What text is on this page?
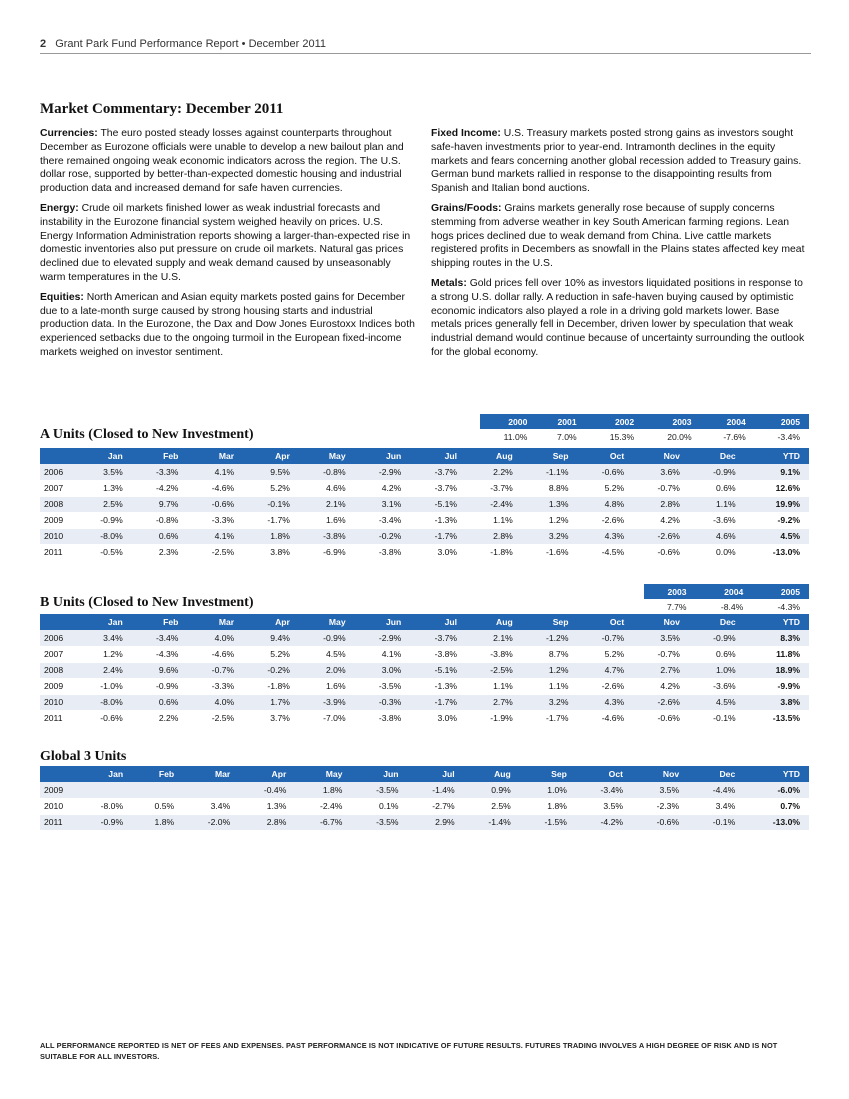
2 Grant Park Fund Performance Report • December 2011
Market Commentary: December 2011

Currencies: The euro posted steady losses against counterparts throughout December as Eurozone officials were unable to develop a new bailout plan and there remained ongoing weak economic indicators across the region. The U.S. dollar rose, supported by better-than-expected domestic housing and industrial production data and increased demand for safe haven currencies.

Energy: Crude oil markets finished lower as weak industrial forecasts and instability in the Eurozone financial system weighed heavily on prices. U.S. Energy Information Administration reports showing a larger-than-expected rise in domestic inventories also put pressure on crude oil markets. Natural gas prices declined due to elevated supply and weak demand caused by unseasonably warm temperatures in the U.S.

Equities: North American and Asian equity markets posted gains for December due to a late-month surge caused by strong housing starts and industrial production data. In the Eurozone, the Dax and Dow Jones Eurostoxx Indices both experienced setbacks due to the ongoing turmoil in the European fixed-income markets weighed on investor sentiment.

Fixed Income: U.S. Treasury markets posted strong gains as investors sought safe-haven investments prior to year-end. Intramonth declines in the equity markets and fears concerning another global recession added to Treasury gains. German bund markets rallied in response to the disappointing results from Spanish and Italian bond auctions.

Grains/Foods: Grains markets generally rose because of supply concerns stemming from adverse weather in key South American farming regions. Lean hogs prices declined due to weak demand from China. Live cattle markets registered profits in Decembers as snowfall in the Plains states affected key meat shipping routes in the U.S.

Metals: Gold prices fell over 10% as investors liquidated positions in response to a strong U.S. dollar rally. A reduction in safe-haven buying caused by optimistic economic indicators also played a role in a driving gold markets lower. Base metals prices generally fell in December, driven lower by speculation that weak industrial demand would continue because of uncertainty surrounding the outlook for the global economy.

2000	2001	2002	2003	2004	2005
11.0%	7.0%	15.3%	20.0%	-7.6%	-3.4%
A Units (Closed to New Investment)
	Jan	Feb	Mar	Apr	May	Jun	Jul	Aug	Sep	Oct	Nov	Dec	YTD
2006	3.5%	-3.3%	4.1%	9.5%	-0.8%	-2.9%	-3.7%	2.2%	-1.1%	-0.6%	3.6%	-0.9%	9.1%
2007	1.3%	-4.2%	-4.6%	5.2%	4.6%	4.2%	-3.7%	-3.7%	8.8%	5.2%	-0.7%	0.6%	12.6%
2008	2.5%	9.7%	-0.6%	-0.1%	2.1%	3.1%	-5.1%	-2.4%	1.3%	4.8%	2.8%	1.1%	19.9%
2009	-0.9%	-0.8%	-3.3%	-1.7%	1.6%	-3.4%	-1.3%	1.1%	1.2%	-2.6%	4.2%	-3.6%	-9.2%
2010	-8.0%	0.6%	4.1%	1.8%	-3.8%	-0.2%	-1.7%	2.8%	3.2%	4.3%	-2.6%	4.6%	4.5%
2011	-0.5%	2.3%	-2.5%	3.8%	-6.9%	-3.8%	3.0%	-1.8%	-1.6%	-4.5%	-0.6%	0.0%	-13.0%
2003	2004	2005
7.7%	-8.4%	-4.3%
B Units (Closed to New Investment)
	Jan	Feb	Mar	Apr	May	Jun	Jul	Aug	Sep	Oct	Nov	Dec	YTD
2006	3.4%	-3.4%	4.0%	9.4%	-0.9%	-2.9%	-3.7%	2.1%	-1.2%	-0.7%	3.5%	-0.9%	8.3%
2007	1.2%	-4.3%	-4.6%	5.2%	4.5%	4.1%	-3.8%	-3.8%	8.7%	5.2%	-0.7%	0.6%	11.8%
2008	2.4%	9.6%	-0.7%	-0.2%	2.0%	3.0%	-5.1%	-2.5%	1.2%	4.7%	2.7%	1.0%	18.9%
2009	-1.0%	-0.9%	-3.3%	-1.8%	1.6%	-3.5%	-1.3%	1.1%	1.1%	-2.6%	4.2%	-3.6%	-9.9%
2010	-8.0%	0.6%	4.0%	1.7%	-3.9%	-0.3%	-1.7%	2.7%	3.2%	4.3%	-2.6%	4.5%	3.8%
2011	-0.6%	2.2%	-2.5%	3.7%	-7.0%	-3.8%	3.0%	-1.9%	-1.7%	-4.6%	-0.6%	-0.1%	-13.5%
Global 3 Units
	Jan	Feb	Mar	Apr	May	Jun	Jul	Aug	Sep	Oct	Nov	Dec	YTD
2009				-0.4%	1.8%	-3.5%	-1.4%	0.9%	1.0%	-3.4%	3.5%	-4.4%	-6.0%
2010	-8.0%	0.5%	3.4%	1.3%	-2.4%	0.1%	-2.7%	2.5%	1.8%	3.5%	-2.3%	3.4%	0.7%
2011	-0.9%	1.8%	-2.0%	2.8%	-6.7%	-3.5%	2.9%	-1.4%	-1.5%	-4.2%	-0.6%	-0.1%	-13.0%
ALL PERFORMANCE REPORTED IS NET OF FEES AND EXPENSES. PAST PERFORMANCE IS NOT INDICATIVE OF FUTURE RESULTS. FUTURES TRADING INVOLVES A HIGH DEGREE OF RISK AND IS NOT SUITABLE FOR ALL INVESTORS.
